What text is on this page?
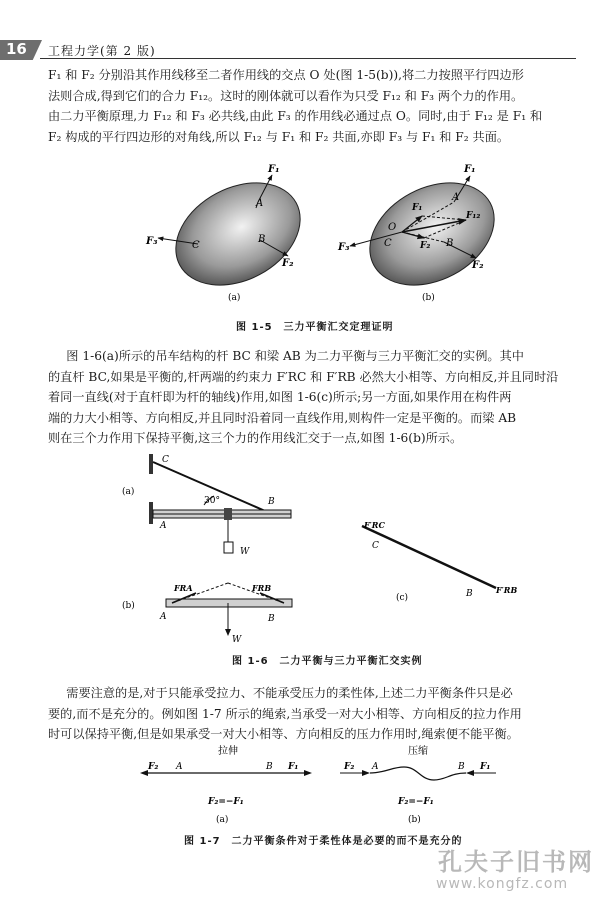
16 工程力学(第 2 版)

F₁ 和 F₂ 分别沿其作用线移至二者作用线的交点 O 处(图 1-5(b)),将二力按照平行四边形

法则合成,得到它们的合力 F₁₂。这时的刚体就可以看作为只受 F₁₂ 和 F₃ 两个力的作用。

由二力平衡原理,力 F₁₂ 和 F₃ 必共线,由此 F₃ 的作用线必通过点 O。同时,由于 F₁₂ 是 F₁ 和

F₂ 构成的平行四边形的对角线,所以 F₁₂ 与 F₁ 和 F₂ 共面,亦即 F₃ 与 F₁ 和 F₂ 共面。

F₁
A
B
F₂
C
F₃
(a)
F₁
F₁
A
F₁₂
O
F₂ B
F₂
C
F₃
(b)
图 1-5　三力平衡汇交定理证明

图 1-6(a)所示的吊车结构的杆 BC 和梁 AB 为二力平衡与三力平衡汇交的实例。其中

的直杆 BC,如果是平衡的,杆两端的约束力 F′RC 和 F′RB 必然大小相等、方向相反,并且同时沿

着同一直线(对于直杆即为杆的轴线)作用,如图 1-6(c)所示;另一方面,如果作用在构件两

端的力大小相等、方向相反,并且同时沿着同一直线作用,则构件一定是平衡的。而梁 AB

则在三个力作用下保持平衡,这三个力的作用线汇交于一点,如图 1-6(b)所示。

(a)
C
30°	B
A
W
(b)
FRA	FRB
A	B
W
F′RC
C
B	F′RB
(c)
图 1-6　二力平衡与三力平衡汇交实例

需要注意的是,对于只能承受拉力、不能承受压力的柔性体,上述二力平衡条件只是必

要的,而不是充分的。例如图 1-7 所示的绳索,当承受一对大小相等、方向相反的拉力作用

时可以保持平衡,但是如果承受一对大小相等、方向相反的压力作用时,绳索便不能平衡。

拉伸
F₂ A	B F₁
F₂=−F₁
(a)
压缩
F₂ A	B F₁
F₂=−F₁
(b)
图 1-7　二力平衡条件对于柔性体是必要的而不是充分的
孔夫子旧书网
www.kongfz.com
